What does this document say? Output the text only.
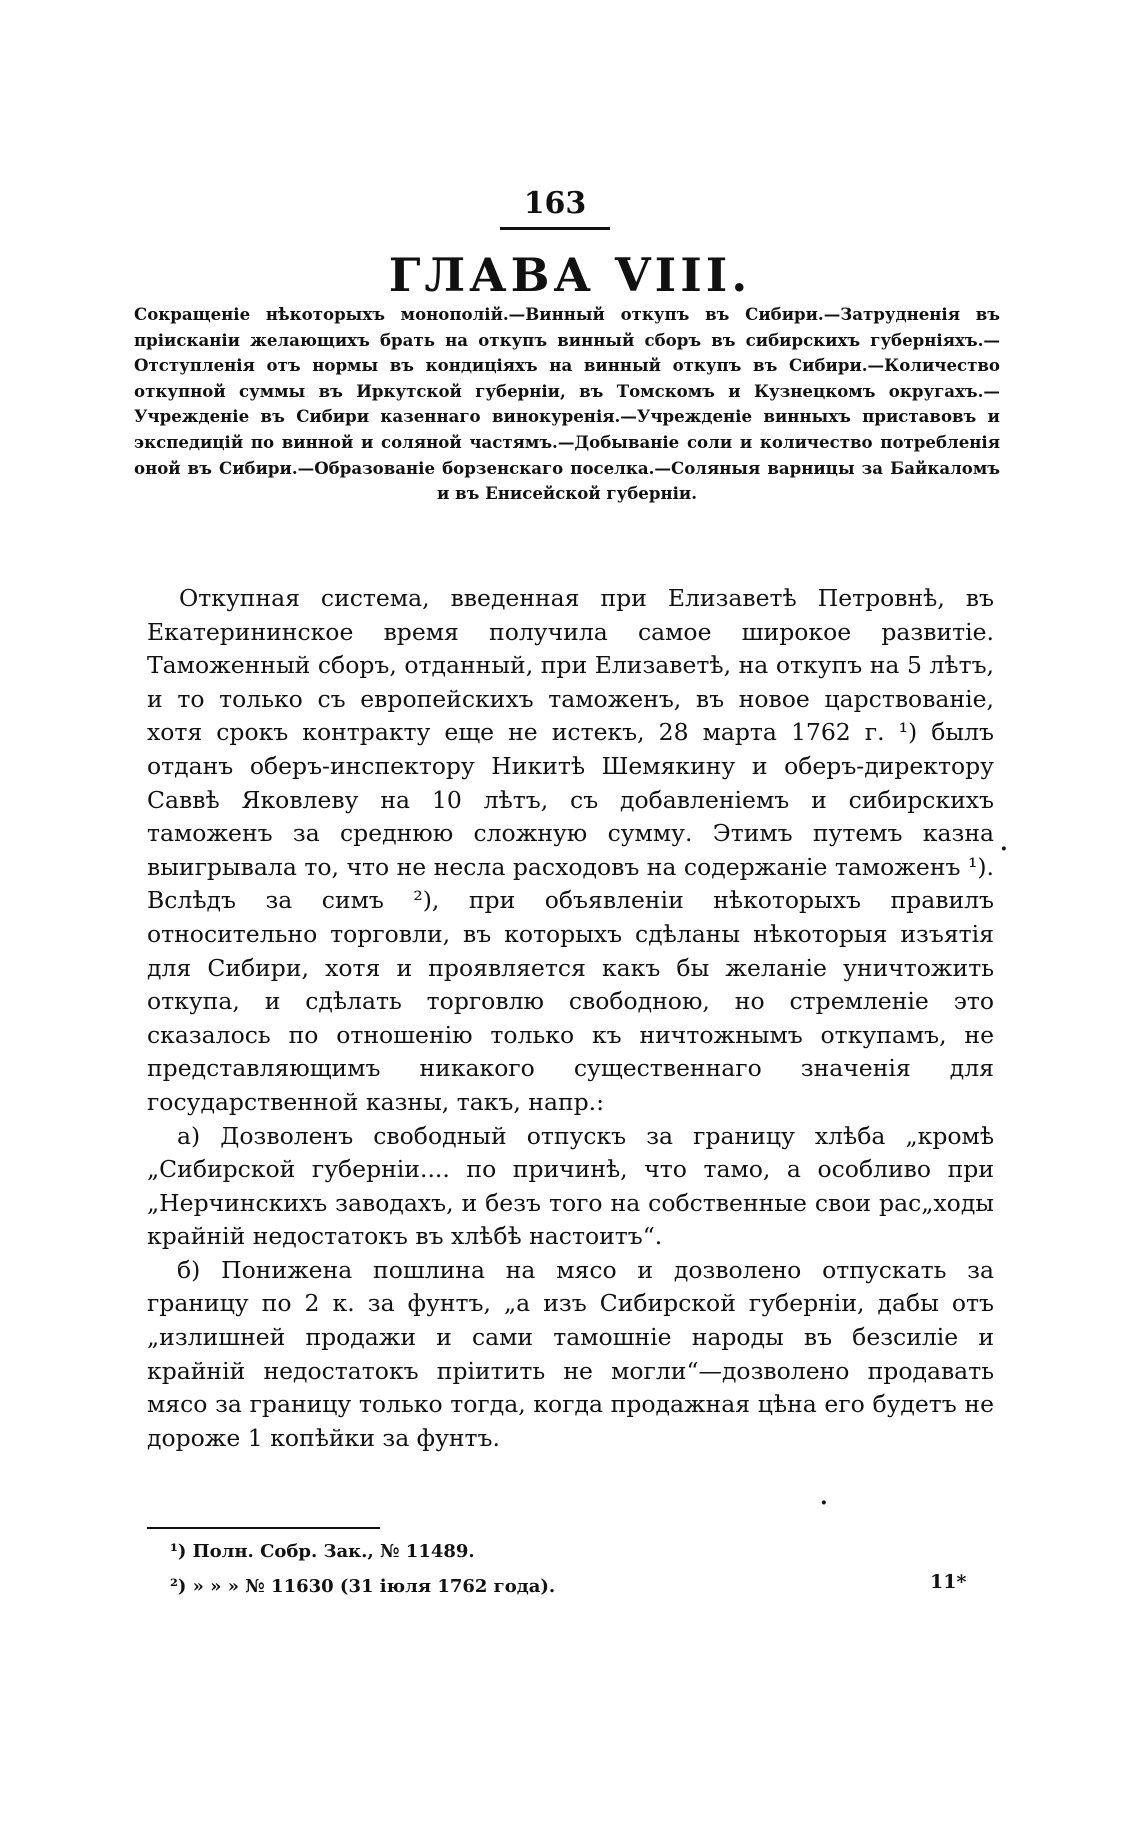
163
ГЛАВА VIII.
Сокращеніе нѣкоторыхъ монополій.—Винный откупъ въ Сибири.—Затрудненія въ пріисканіи желающихъ брать на откупъ винный сборъ въ сибирскихъ губерніяхъ.—Отступленія отъ нормы въ кондиціяхъ на винный откупъ въ Сибири.—Количество откупной суммы въ Иркутской губерніи, въ Томскомъ и Кузнецкомъ округахъ.—Учрежденіе въ Сибири казеннаго винокуренія.—Учрежденіе винныхъ приставовъ и экспедицій по винной и соляной частямъ.—Добываніе соли и количество потребленія оной въ Сибири.—Образованіе борзенскаго поселка.—Соляныя варницы за Байкаломъ и въ Енисейской губерніи.

Откупная система, введенная при Елизаветѣ Петровнѣ, въ Екатерининское время получила самое широкое развитіе. Таможенный сборъ, отданный, при Елизаветѣ, на откупъ на 5 лѣтъ, и то только съ европейскихъ таможенъ, въ новое царствованіе, хотя срокъ контракту еще не истекъ, 28 марта 1762 г. ¹) былъ отданъ оберъ-инспектору Никитѣ Шемякину и оберъ-директору Саввѣ Яковлеву на 10 лѣтъ, съ добавленіемъ и сибирскихъ таможенъ за среднюю сложную сумму. Этимъ путемъ казна выигрывала то, что не несла расходовъ на содержаніе таможенъ ¹). Вслѣдъ за симъ ²), при объявленіи нѣкоторыхъ правилъ относительно торговли, въ которыхъ сдѣланы нѣкоторыя изъятія для Сибири, хотя и проявляется какъ бы желаніе уничтожить откупа, и сдѣлать торговлю свободною, но стремленіе это сказалось по отношенію только къ ничтожнымъ откупамъ, не представляющимъ никакого существеннаго значенія для государственной казны, такъ, напр.:

а) Дозволенъ свободный отпускъ за границу хлѣба „кромѣ „Сибирской губерніи.... по причинѣ, что тамо, а особливо при „Нерчинскихъ заводахъ, и безъ того на собственные свои рас„ходы крайній недостатокъ въ хлѣбѣ настоитъ“.

б) Понижена пошлина на мясо и дозволено отпускать за границу по 2 к. за фунтъ, „а изъ Сибирской губерніи, дабы отъ „излишней продажи и сами тамошніе народы въ безсиліе и крайній недостатокъ пріитить не могли“—дозволено продавать мясо за границу только тогда, когда продажная цѣна его будетъ не дороже 1 копѣйки за фунтъ.

¹) Полн. Собр. Зак., № 11489.
²) » » » № 11630 (31 іюля 1762 года).	11*
·
·
